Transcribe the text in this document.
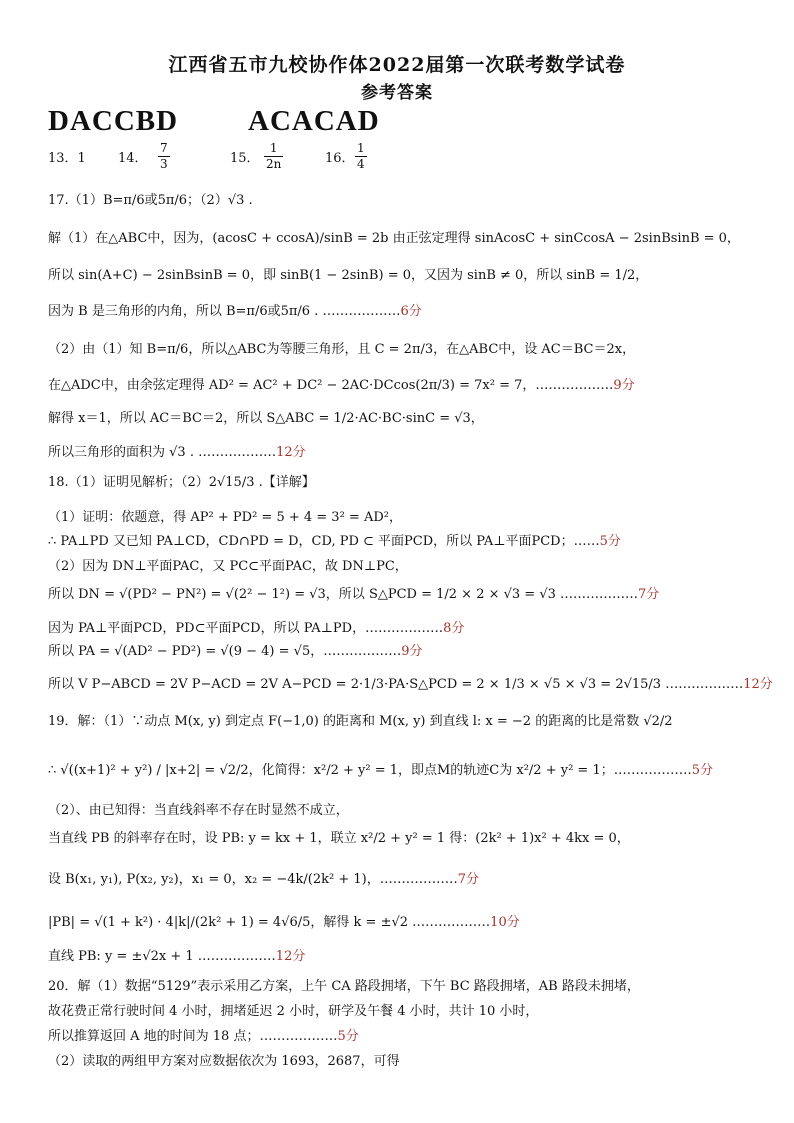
江西省五市九校协作体2022届第一次联考数学试卷
参考答案
DACCBD ACACAD
13．1 14．
7
3	15．
1
2n	16．
1
4
17.（1）B=π/6或5π/6；（2）√3 .
解（1）在△ABC中，因为，(acosC + ccosA)/sinB = 2b 由正弦定理得 sinAcosC + sinCcosA − 2sinBsinB = 0，
所以 sin(A+C) − 2sinBsinB = 0，即 sinB(1 − 2sinB) = 0，又因为 sinB ≠ 0，所以 sinB = 1/2，
因为 B 是三角形的内角，所以 B=π/6或5π/6 . ………………6分
（2）由（1）知 B=π/6，所以△ABC为等腰三角形，且 C = 2π/3，在△ABC中，设 AC＝BC＝2x，
在△ADC中，由余弦定理得 AD² = AC² + DC² − 2AC·DCcos(2π/3) = 7x² = 7，………………9分
解得 x＝1，所以 AC＝BC＝2，所以 S△ABC = 1/2·AC·BC·sinC = √3，
所以三角形的面积为 √3 . ………………12分
18.（1）证明见解析；（2）2√15/3 .【详解】
（1）证明：依题意，得 AP² + PD² = 5 + 4 = 3² = AD²，
∴ PA⊥PD 又已知 PA⊥CD，CD∩PD = D，CD, PD ⊂ 平面PCD，所以 PA⊥平面PCD；……5分
（2）因为 DN⊥平面PAC，又 PC⊂平面PAC，故 DN⊥PC，
所以 DN = √(PD² − PN²) = √(2² − 1²) = √3，所以 S△PCD = 1/2 × 2 × √3 = √3 ………………7分
因为 PA⊥平面PCD，PD⊂平面PCD，所以 PA⊥PD，………………8分
所以 PA = √(AD² − PD²) = √(9 − 4) = √5，………………9分
所以 V P−ABCD = 2V P−ACD = 2V A−PCD = 2·1/3·PA·S△PCD = 2 × 1/3 × √5 × √3 = 2√15/3 ………………12分
19．解：（1）∵动点 M(x, y) 到定点 F(−1,0) 的距离和 M(x, y) 到直线 l: x = −2 的距离的比是常数 √2/2
∴ √((x+1)² + y²) / |x+2| = √2/2，化简得：x²/2 + y² = 1，即点M的轨迹C为 x²/2 + y² = 1；………………5分
（2）、由已知得：当直线斜率不存在时显然不成立，
当直线 PB 的斜率存在时，设 PB: y = kx + 1，联立 x²/2 + y² = 1 得：(2k² + 1)x² + 4kx = 0，
设 B(x₁, y₁), P(x₂, y₂)，x₁ = 0，x₂ = −4k/(2k² + 1)，………………7分
|PB| = √(1 + k²) · 4|k|/(2k² + 1) = 4√6/5，解得 k = ±√2 ………………10分
直线 PB: y = ±√2x + 1 ………………12分
20．解（1）数据“5129”表示采用乙方案，上午 CA 路段拥堵，下午 BC 路段拥堵，AB 路段未拥堵，
故花费正常行驶时间 4 小时，拥堵延迟 2 小时，研学及午餐 4 小时，共计 10 小时，
所以推算返回 A 地的时间为 18 点；………………5分
（2）读取的两组甲方案对应数据依次为 1693，2687，可得
